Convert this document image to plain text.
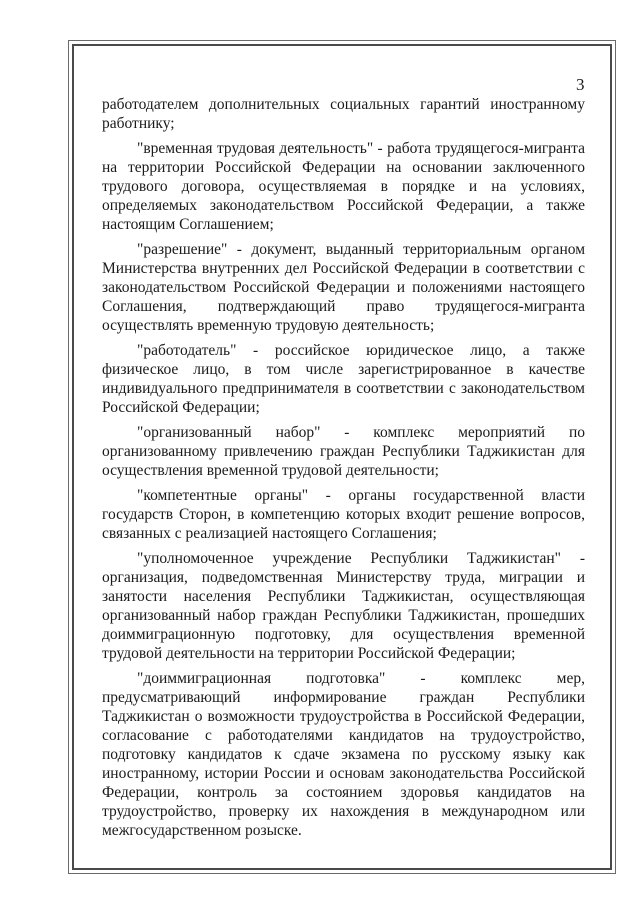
3

работодателем дополнительных социальных гарантий иностранному работнику;

"временная трудовая деятельность" - работа трудящегося-мигранта на территории Российской Федерации на основании заключенного трудового договора, осуществляемая в порядке и на условиях, определяемых законодательством Российской Федерации, а также настоящим Соглашением;

"разрешение" - документ, выданный территориальным органом Министерства внутренних дел Российской Федерации в соответствии с законодательством Российской Федерации и положениями настоящего Соглашения, подтверждающий право трудящегося-мигранта осуществлять временную трудовую деятельность;

"работодатель" - российское юридическое лицо, а также физическое лицо, в том числе зарегистрированное в качестве индивидуального предпринимателя в соответствии с законодательством Российской Федерации;

"организованный набор" - комплекс мероприятий по организованному привлечению граждан Республики Таджикистан для осуществления временной трудовой деятельности;

"компетентные органы" - органы государственной власти государств Сторон, в компетенцию которых входит решение вопросов, связанных с реализацией настоящего Соглашения;

"уполномоченное учреждение Республики Таджикистан" - организация, подведомственная Министерству труда, миграции и занятости населения Республики Таджикистан, осуществляющая организованный набор граждан Республики Таджикистан, прошедших доиммиграционную подготовку, для осуществления временной трудовой деятельности на территории Российской Федерации;

"доиммиграционная подготовка" - комплекс мер, предусматривающий информирование граждан Республики Таджикистан о возможности трудоустройства в Российской Федерации, согласование с работодателями кандидатов на трудоустройство, подготовку кандидатов к сдаче экзамена по русскому языку как иностранному, истории России и основам законодательства Российской Федерации, контроль за состоянием здоровья кандидатов на трудоустройство, проверку их нахождения в международном или межгосударственном розыске.
